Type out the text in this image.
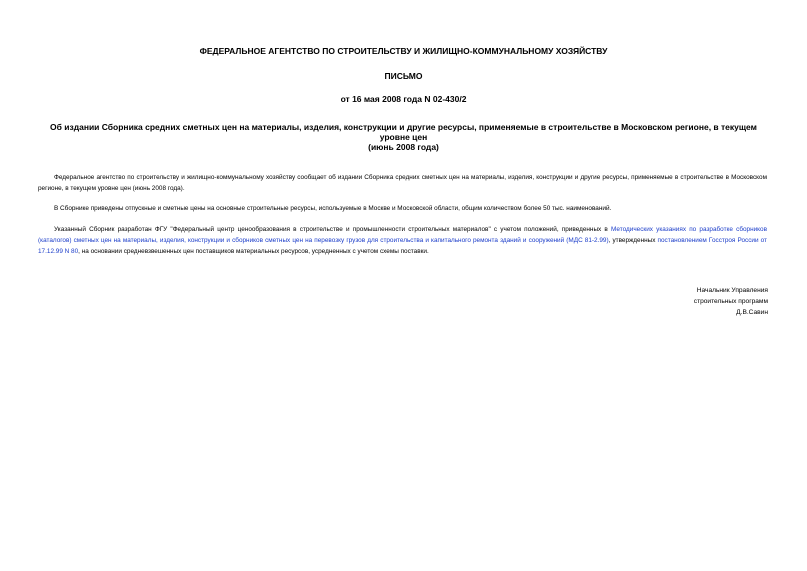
ФЕДЕРАЛЬНОЕ АГЕНТСТВО ПО СТРОИТЕЛЬСТВУ И ЖИЛИЩНО-КОММУНАЛЬНОМУ ХОЗЯЙСТВУ

ПИСЬМО

от 16 мая 2008 года N 02-430/2

Об издании Сборника средних сметных цен на материалы, изделия, конструкции и другие ресурсы, применяемые в строительстве в Московском регионе, в текущем уровне цен
(июнь 2008 года)

Федеральное агентство по строительству и жилищно-коммунальному хозяйству сообщает об издании Сборника средних сметных цен на материалы, изделия, конструкции и другие ресурсы, применяемые в строительстве в Московском регионе, в текущем уровне цен (июнь 2008 года).

В Сборнике приведены отпускные и сметные цены на основные строительные ресурсы, используемые в Москве и Московской области, общим количеством более 50 тыс. наименований.

Указанный Сборник разработан ФГУ "Федеральный центр ценообразования в строительстве и промышленности строительных материалов" с учетом положений, приведенных в Методических указаниях по разработке сборников (каталогов) сметных цен на материалы, изделия, конструкции и сборников сметных цен на перевозку грузов для строительства и капитального ремонта зданий и сооружений (МДС 81-2.99), утвержденных постановлением Госстроя России от 17.12.99 N 80, на основании средневзвешенных цен поставщиков материальных ресурсов, усредненных с учетом схемы поставки.

Начальник Управления

строительных программ

Д.В.Савин
